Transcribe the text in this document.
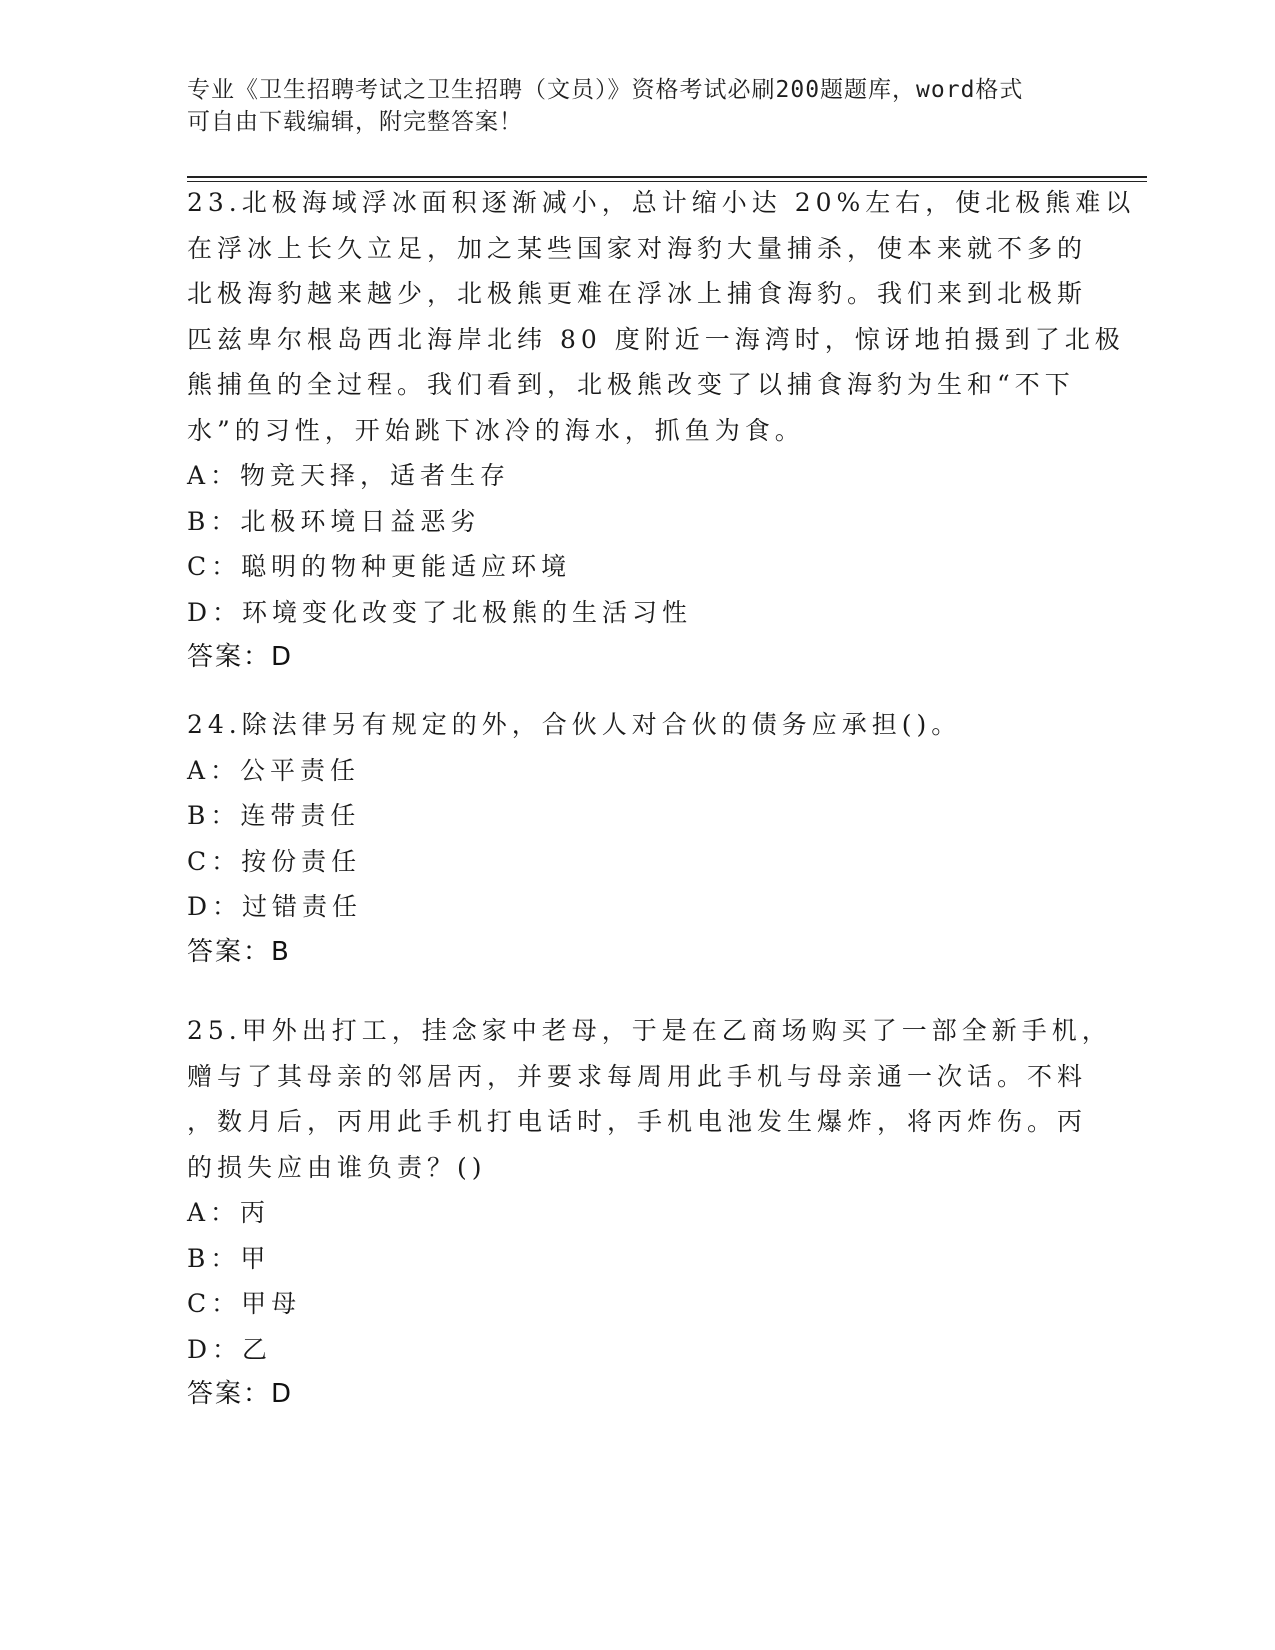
专业《卫生招聘考试之卫生招聘（文员）》资格考试必刷200题题库，word格式
可自由下载编辑，附完整答案！
23.北极海域浮冰面积逐渐减小，总计缩小达 20%左右，使北极熊难以
在浮冰上长久立足，加之某些国家对海豹大量捕杀，使本来就不多的
北极海豹越来越少，北极熊更难在浮冰上捕食海豹。我们来到北极斯
匹兹卑尔根岛西北海岸北纬 80 度附近一海湾时，惊讶地拍摄到了北极
熊捕鱼的全过程。我们看到，北极熊改变了以捕食海豹为生和“不下
水”的习性，开始跳下冰冷的海水，抓鱼为食。
A：物竞天择，适者生存
B：北极环境日益恶劣
C：聪明的物种更能适应环境
D：环境变化改变了北极熊的生活习性
答案：D
24.除法律另有规定的外，合伙人对合伙的债务应承担()。
A：公平责任
B：连带责任
C：按份责任
D：过错责任
答案：B
25.甲外出打工，挂念家中老母，于是在乙商场购买了一部全新手机，
赠与了其母亲的邻居丙，并要求每周用此手机与母亲通一次话。不料
，数月后，丙用此手机打电话时，手机电池发生爆炸，将丙炸伤。丙
的损失应由谁负责？()
A：丙
B：甲
C：甲母
D：乙
答案：D
